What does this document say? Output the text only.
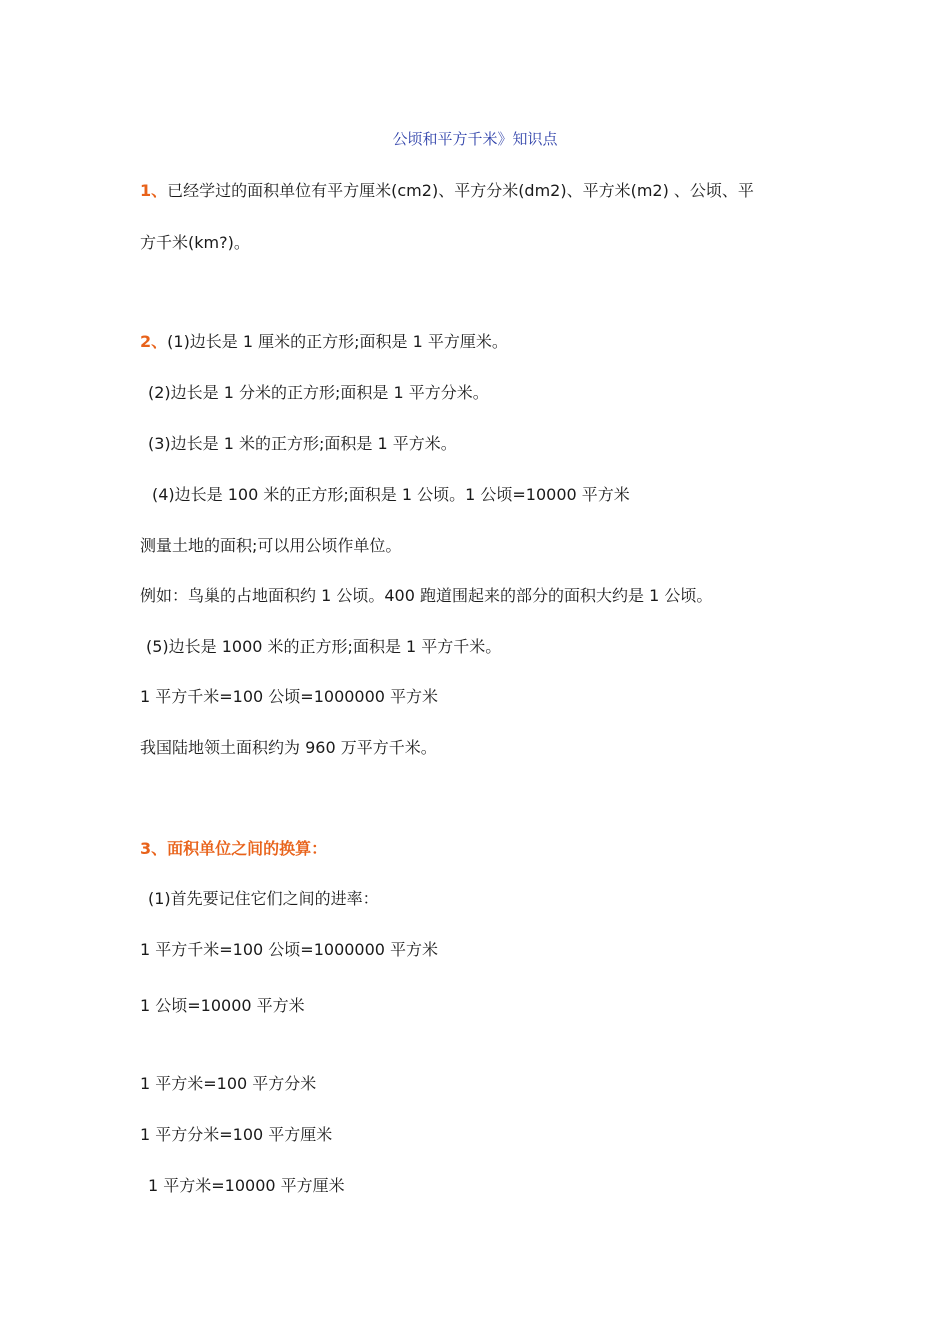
公顷和平方千米》知识点
1、已经学过的面积单位有平方厘米(cm2)、平方分米(dm2)、平方米(m2) 、公顷、平
方千米(km?)。
2、(1)边长是 1 厘米的正方形;面积是 1 平方厘米。
(2)边长是 1 分米的正方形;面积是 1 平方分米。
(3)边长是 1 米的正方形;面积是 1 平方米。
(4)边长是 100 米的正方形;面积是 1 公顷。1 公顷=10000 平方米
测量土地的面积;可以用公顷作单位。
例如：鸟巢的占地面积约 1 公顷。400 跑道围起来的部分的面积大约是 1 公顷。
(5)边长是 1000 米的正方形;面积是 1 平方千米。
1 平方千米=100 公顷=1000000 平方米
我国陆地领土面积约为 960 万平方千米。
3、面积单位之间的换算：
(1)首先要记住它们之间的进率：
1 平方千米=100 公顷=1000000 平方米
1 公顷=10000 平方米
1 平方米=100 平方分米
1 平方分米=100 平方厘米
1 平方米=10000 平方厘米
